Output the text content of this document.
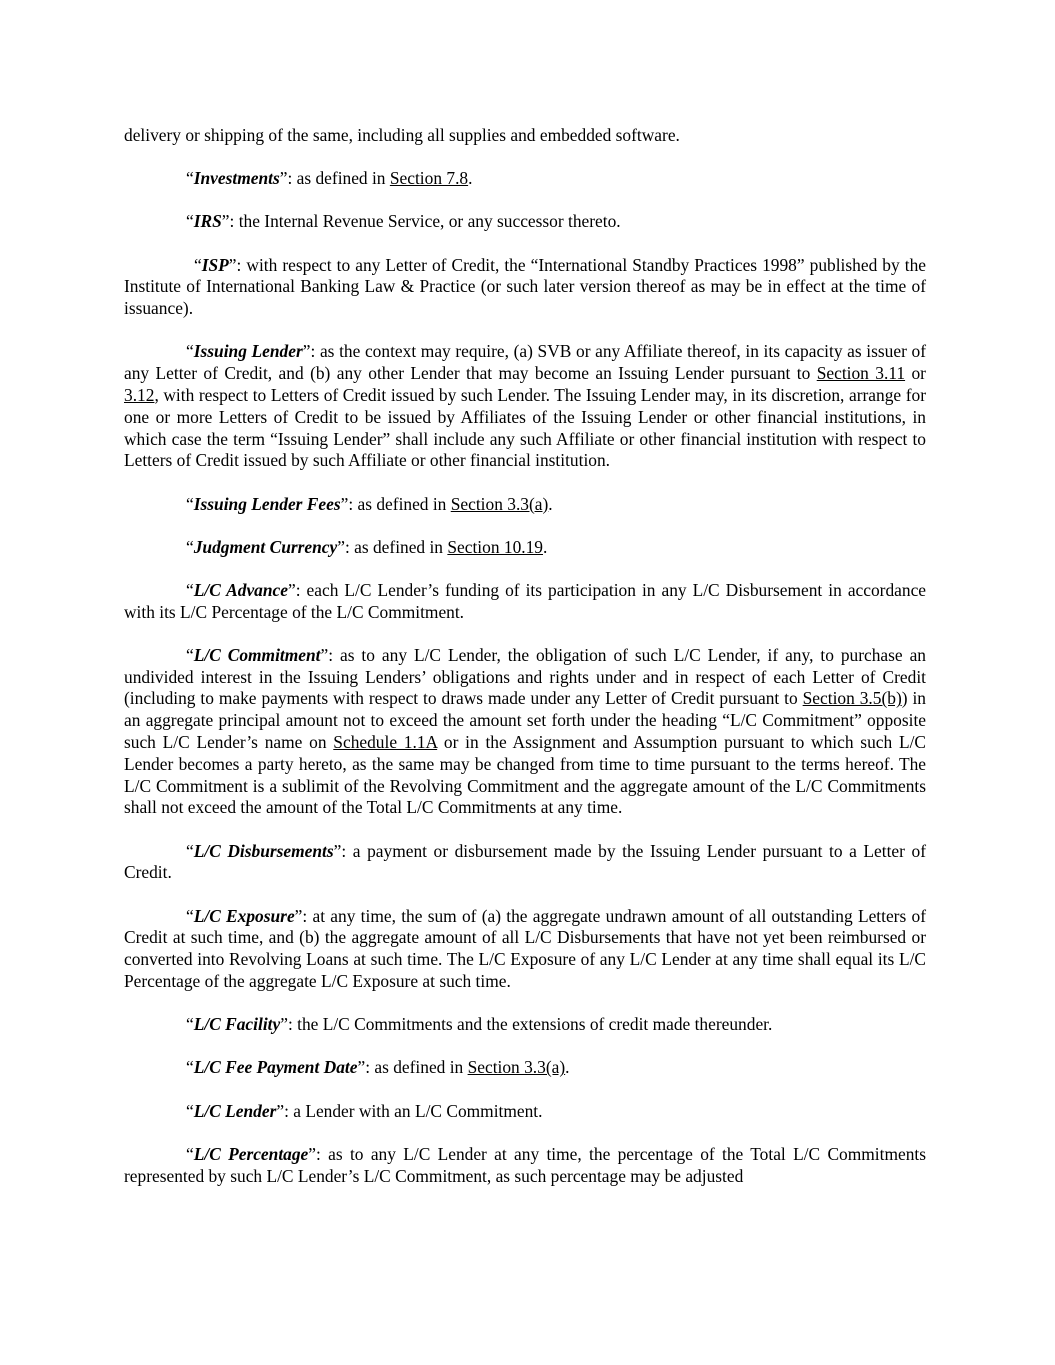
delivery or shipping of the same, including all supplies and embedded software.

“Investments”: as defined in Section 7.8.

“IRS”: the Internal Revenue Service, or any successor thereto.

“ISP”: with respect to any Letter of Credit, the “International Standby Practices 1998” published by the Institute of International Banking Law & Practice (or such later version thereof as may be in effect at the time of issuance).

“Issuing Lender”: as the context may require, (a) SVB or any Affiliate thereof, in its capacity as issuer of any Letter of Credit, and (b) any other Lender that may become an Issuing Lender pursuant to Section 3.11 or 3.12, with respect to Letters of Credit issued by such Lender. The Issuing Lender may, in its discretion, arrange for one or more Letters of Credit to be issued by Affiliates of the Issuing Lender or other financial institutions, in which case the term “Issuing Lender” shall include any such Affiliate or other financial institution with respect to Letters of Credit issued by such Affiliate or other financial institution.

“Issuing Lender Fees”: as defined in Section 3.3(a).

“Judgment Currency”: as defined in Section 10.19.

“L/C Advance”: each L/C Lender’s funding of its participation in any L/C Disbursement in accordance with its L/C Percentage of the L/C Commitment.

“L/C Commitment”: as to any L/C Lender, the obligation of such L/C Lender, if any, to purchase an undivided interest in the Issuing Lenders’ obligations and rights under and in respect of each Letter of Credit (including to make payments with respect to draws made under any Letter of Credit pursuant to Section 3.5(b)) in an aggregate principal amount not to exceed the amount set forth under the heading “L/C Commitment” opposite such L/C Lender’s name on Schedule 1.1A or in the Assignment and Assumption pursuant to which such L/C Lender becomes a party hereto, as the same may be changed from time to time pursuant to the terms hereof. The L/C Commitment is a sublimit of the Revolving Commitment and the aggregate amount of the L/C Commitments shall not exceed the amount of the Total L/C Commitments at any time.

“L/C Disbursements”: a payment or disbursement made by the Issuing Lender pursuant to a Letter of Credit.

“L/C Exposure”: at any time, the sum of (a) the aggregate undrawn amount of all outstanding Letters of Credit at such time, and (b) the aggregate amount of all L/C Disbursements that have not yet been reimbursed or converted into Revolving Loans at such time. The L/C Exposure of any L/C Lender at any time shall equal its L/C Percentage of the aggregate L/C Exposure at such time.

“L/C Facility”: the L/C Commitments and the extensions of credit made thereunder.

“L/C Fee Payment Date”: as defined in Section 3.3(a).

“L/C Lender”: a Lender with an L/C Commitment.

“L/C Percentage”: as to any L/C Lender at any time, the percentage of the Total L/C Commitments represented by such L/C Lender’s L/C Commitment, as such percentage may be adjusted
